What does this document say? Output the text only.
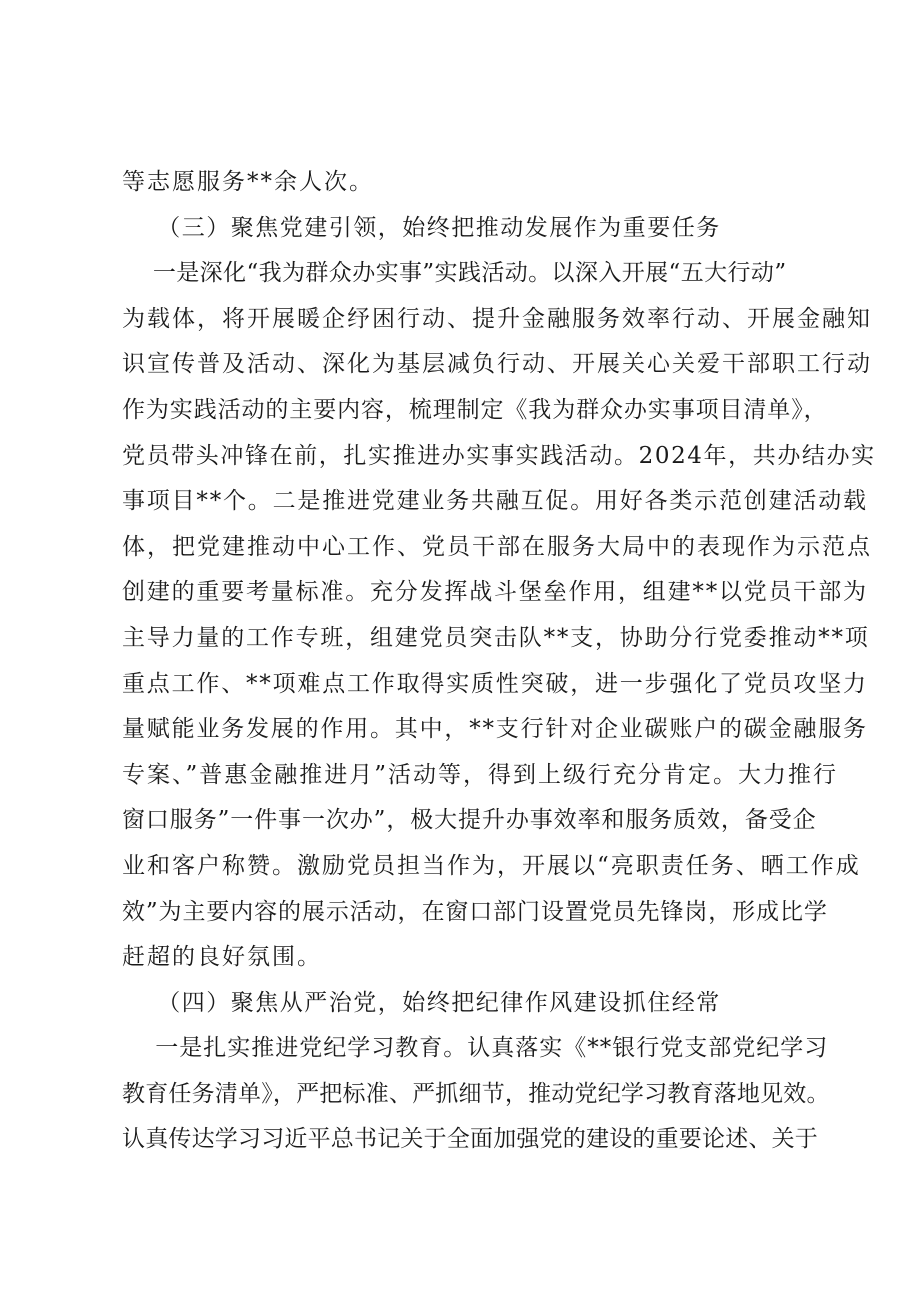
等志愿服务**余人次。
（三）聚焦党建引领，始终把推动发展作为重要任务
一是深化“我为群众办实事”实践活动。以深入开展“五大行动”
为载体，将开展暖企纾困行动、提升金融服务效率行动、开展金融知
识宣传普及活动、深化为基层减负行动、开展关心关爱干部职工行动
作为实践活动的主要内容，梳理制定《我为群众办实事项目清单》，
党员带头冲锋在前，扎实推进办实事实践活动。2024年，共办结办实
事项目**个。二是推进党建业务共融互促。用好各类示范创建活动载
体，把党建推动中心工作、党员干部在服务大局中的表现作为示范点
创建的重要考量标准。充分发挥战斗堡垒作用，组建**以党员干部为
主导力量的工作专班，组建党员突击队**支，协助分行党委推动**项
重点工作、**项难点工作取得实质性突破，进一步强化了党员攻坚力
量赋能业务发展的作用。其中，**支行针对企业碳账户的碳金融服务
专案、”普惠金融推进月”活动等，得到上级行充分肯定。大力推行
窗口服务”一件事一次办”，极大提升办事效率和服务质效，备受企
业和客户称赞。激励党员担当作为，开展以“亮职责任务、晒工作成
效”为主要内容的展示活动，在窗口部门设置党员先锋岗，形成比学
赶超的良好氛围。
（四）聚焦从严治党，始终把纪律作风建设抓住经常
一是扎实推进党纪学习教育。认真落实《**银行党支部党纪学习
教育任务清单》，严把标准、严抓细节，推动党纪学习教育落地见效。
认真传达学习习近平总书记关于全面加强党的建设的重要论述、关于
